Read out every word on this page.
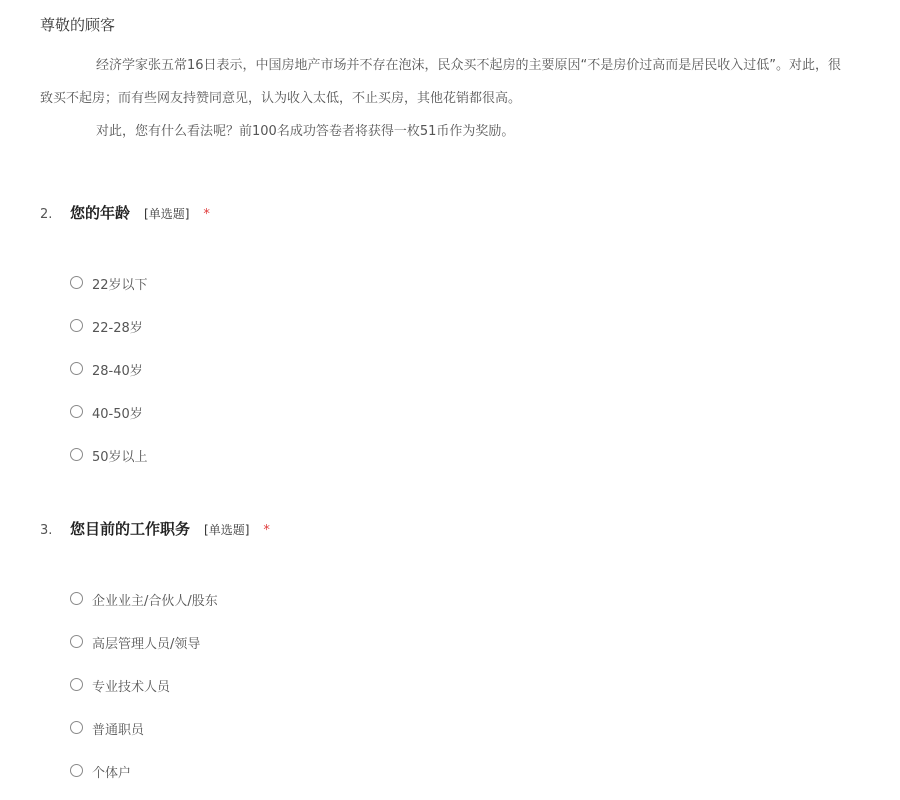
尊敬的顾客
经济学家张五常16日表示，中国房地产市场并不存在泡沫，民众买不起房的主要原因“不是房价过高而是居民收入过低”。对此，很
致买不起房；而有些网友持赞同意见，认为收入太低，不止买房，其他花销都很高。
对此，您有什么看法呢？前100名成功答卷者将获得一枚51币作为奖励。
2.	您的年龄 [单选题] *
22岁以下
22-28岁
28-40岁
40-50岁
50岁以上
3.	您目前的工作职务 [单选题] *
企业业主/合伙人/股东
高层管理人员/领导
专业技术人员
普通职员
个体户
